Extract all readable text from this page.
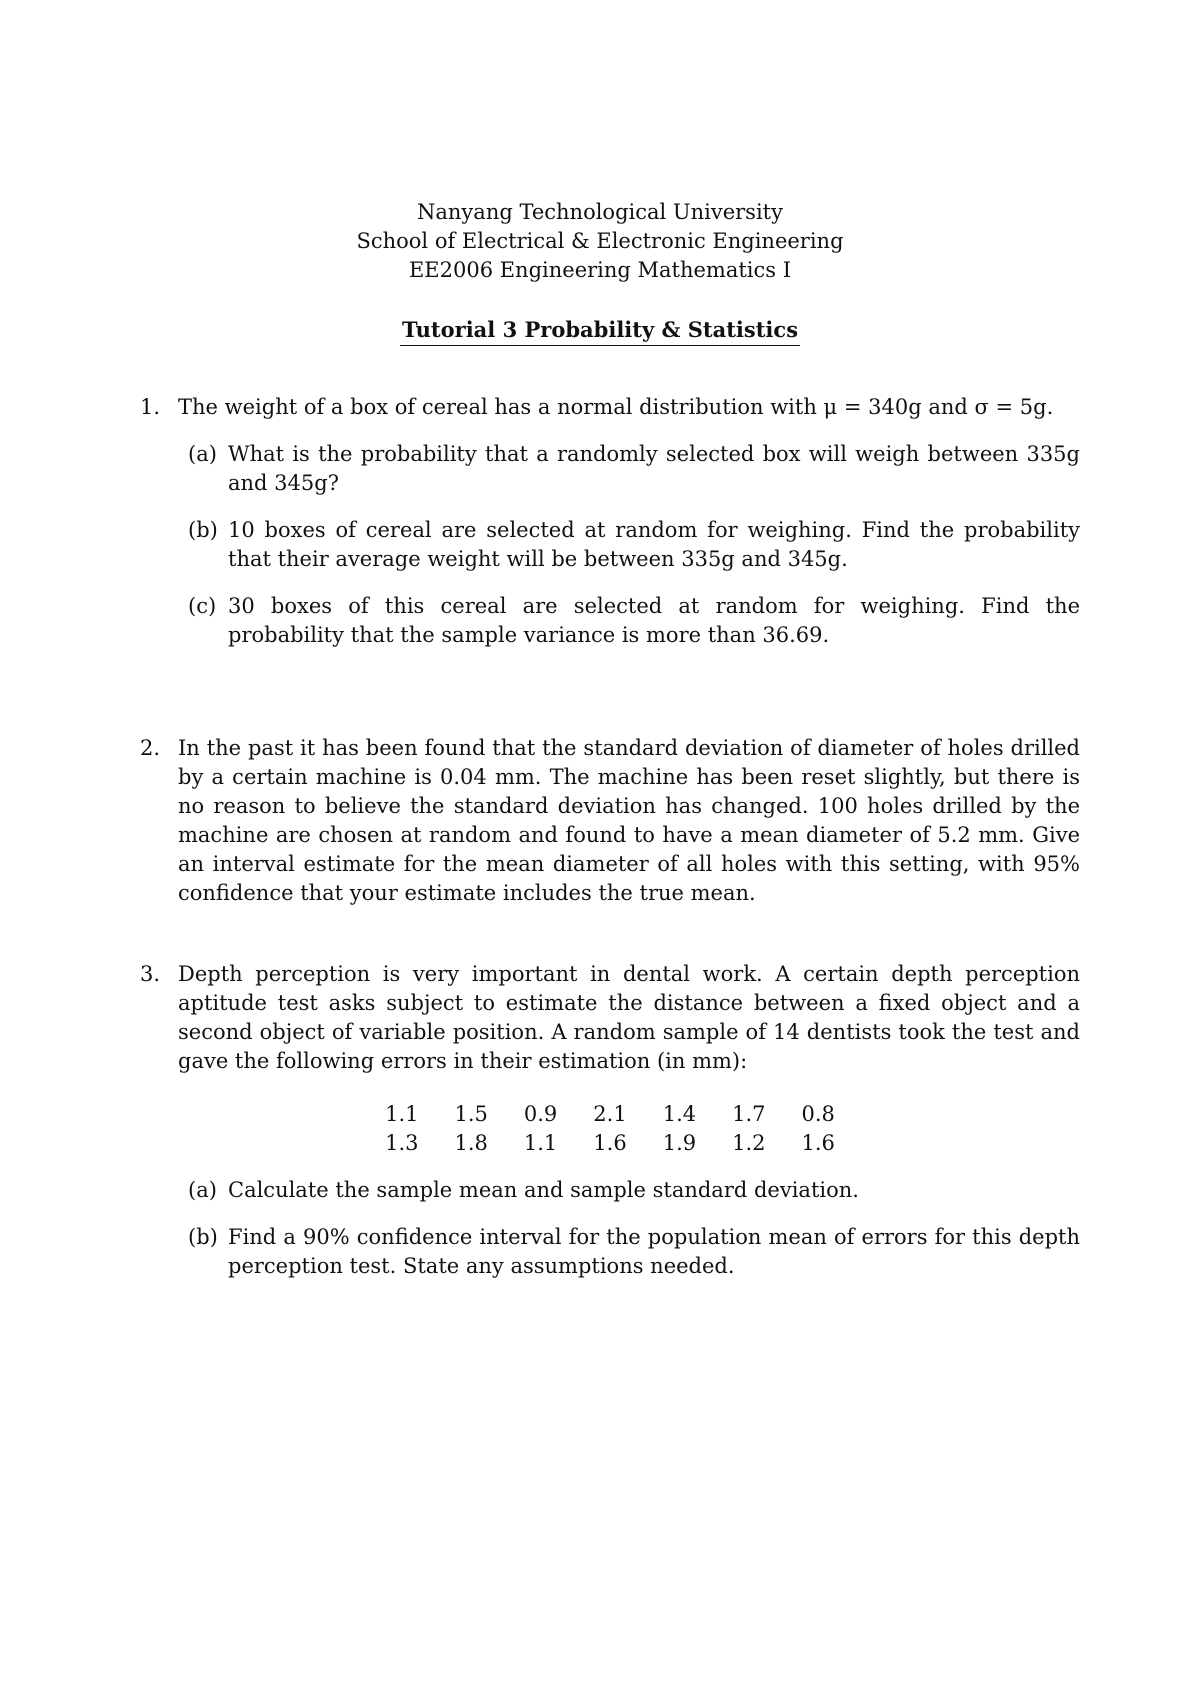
Nanyang Technological University
School of Electrical & Electronic Engineering
EE2006 Engineering Mathematics I
Tutorial 3 Probability & Statistics
1. The weight of a box of cereal has a normal distribution with μ = 340g and σ = 5g.
(a) What is the probability that a randomly selected box will weigh between 335g and 345g?
(b) 10 boxes of cereal are selected at random for weighing. Find the probability that their average weight will be between 335g and 345g.
(c) 30 boxes of this cereal are selected at random for weighing. Find the probability that the sample variance is more than 36.69.
2. In the past it has been found that the standard deviation of diameter of holes drilled by a certain machine is 0.04 mm. The machine has been reset slightly, but there is no reason to believe the standard deviation has changed. 100 holes drilled by the machine are chosen at random and found to have a mean diameter of 5.2 mm. Give an interval estimate for the mean diameter of all holes with this setting, with 95% confidence that your estimate includes the true mean.
3. Depth perception is very important in dental work. A certain depth perception aptitude test asks subject to estimate the distance between a fixed object and a second object of variable position. A random sample of 14 dentists took the test and gave the following errors in their estimation (in mm):
1.1	1.5	0.9	2.1	1.4	1.7	0.8
1.3	1.8	1.1	1.6	1.9	1.2	1.6
(a) Calculate the sample mean and sample standard deviation.
(b) Find a 90% confidence interval for the population mean of errors for this depth perception test. State any assumptions needed.
